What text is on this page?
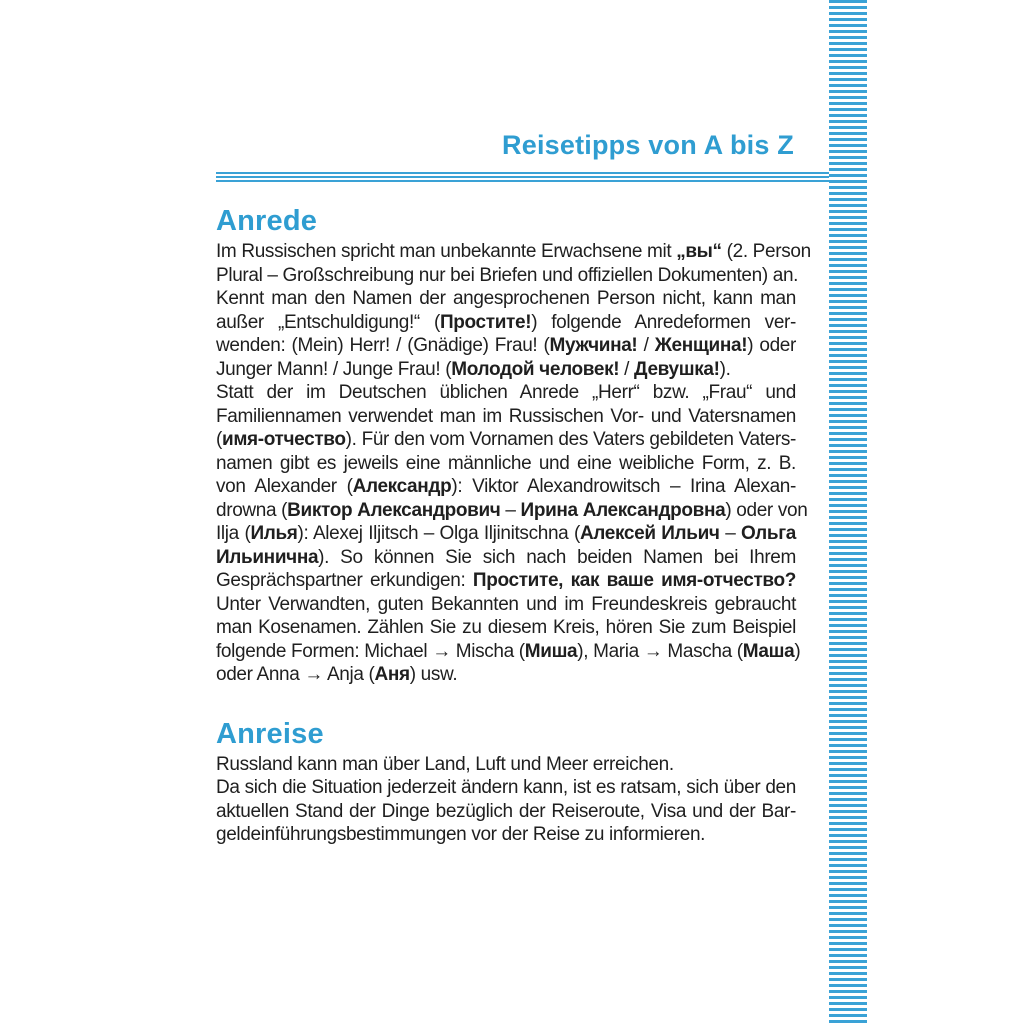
Reisetipps von A bis Z
Anrede
Im Russischen spricht man unbekannte Erwachsene mit „вы“ (2. Person
Plural – Großschreibung nur bei Briefen und offiziellen Dokumenten) an.
Kennt man den Namen der angesprochenen Person nicht, kann man
außer „Entschuldigung!“ (Простите!) folgende Anredeformen ver-
wenden: (Mein) Herr! / (Gnädige) Frau! (Мужчина! / Женщина!) oder
Junger Mann! / Junge Frau! (Молодой человек! / Девушка!).
Statt der im Deutschen üblichen Anrede „Herr“ bzw. „Frau“ und
Familiennamen verwendet man im Russischen Vor- und Vatersnamen
(имя-отчество). Für den vom Vornamen des Vaters gebildeten Vaters-
namen gibt es jeweils eine männliche und eine weibliche Form, z. B.
von Alexander (Александр): Viktor Alexandrowitsch – Irina Alexan-
drowna (Виктор Александрович – Ирина Александровна) oder von
Ilja (Илья): Alexej Iljitsch – Olga Iljinitschna (Алексей Ильич – Ольга
Ильинична). So können Sie sich nach beiden Namen bei Ihrem
Gesprächspartner erkundigen: Простите, как ваше имя-отчество?
Unter Verwandten, guten Bekannten und im Freundeskreis gebraucht
man Kosenamen. Zählen Sie zu diesem Kreis, hören Sie zum Beispiel
folgende Formen: Michael → Mischa (Миша), Maria → Mascha (Маша)
oder Anna → Anja (Аня) usw.
Anreise
Russland kann man über Land, Luft und Meer erreichen.
Da sich die Situation jederzeit ändern kann, ist es ratsam, sich über den
aktuellen Stand der Dinge bezüglich der Reiseroute, Visa und der Bar-
geldeinführungsbestimmungen vor der Reise zu informieren.
